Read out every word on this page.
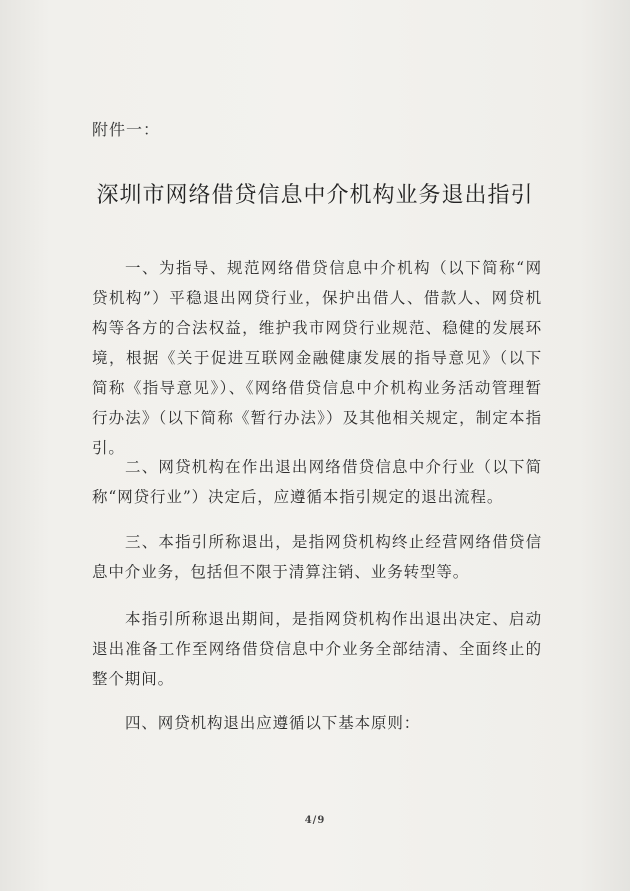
附件一：
深圳市网络借贷信息中介机构业务退出指引

一、为指导、规范网络借贷信息中介机构（以下简称“网贷机构”）平稳退出网贷行业，保护出借人、借款人、网贷机构等各方的合法权益，维护我市网贷行业规范、稳健的发展环境，根据《关于促进互联网金融健康发展的指导意见》（以下简称《指导意见》）、《网络借贷信息中介机构业务活动管理暂行办法》（以下简称《暂行办法》）及其他相关规定，制定本指引。

二、网贷机构在作出退出网络借贷信息中介行业（以下简称“网贷行业”）决定后，应遵循本指引规定的退出流程。

三、本指引所称退出，是指网贷机构终止经营网络借贷信息中介业务，包括但不限于清算注销、业务转型等。

本指引所称退出期间，是指网贷机构作出退出决定、启动退出准备工作至网络借贷信息中介业务全部结清、全面终止的整个期间。

四、网贷机构退出应遵循以下基本原则：

4/9
